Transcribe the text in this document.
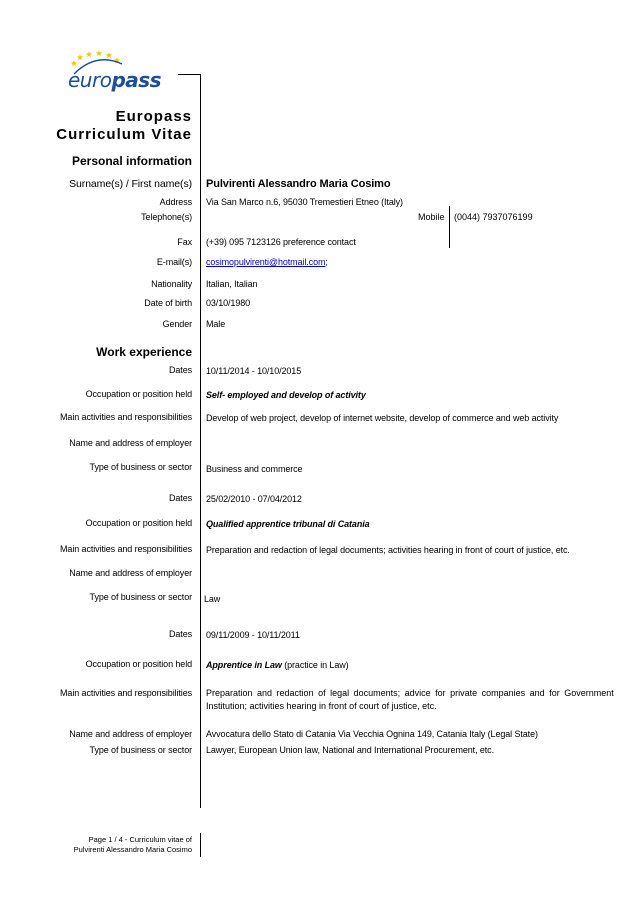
europass
Europass
Curriculum Vitae
Personal information
Surname(s) / First name(s) Pulvirenti Alessandro Maria Cosimo
Address Via San Marco n.6, 95030 Tremestieri Etneo (Italy)
Telephone(s)	Mobile (0044) 7937076199
Fax (+39) 095 7123126 preference contact
E-mail(s) cosimopulvirenti@hotmail.com;
Nationality Italian, Italian
Date of birth 03/10/1980
Gender Male
Work experience
Dates 10/11/2014 - 10/10/2015
Occupation or position held Self- employed and develop of activity
Main activities and responsibilities Develop of web project, develop of internet website, develop of commerce and web activity
Name and address of employer
Type of business or sector Business and commerce
Dates 25/02/2010 - 07/04/2012
Occupation or position held Qualified apprentice tribunal di Catania
Main activities and responsibilities Preparation and redaction of legal documents; activities hearing in front of court of justice, etc.
Name and address of employer
Type of business or sector Law
Dates 09/11/2009 - 10/11/2011
Occupation or position held Apprentice in Law (practice in Law)
Main activities and responsibilities Preparation and redaction of legal documents; advice for private companies and for Government
Institution; activities hearing in front of court of justice, etc.
Name and address of employer Avvocatura dello Stato di Catania Via Vecchia Ognina 149, Catania Italy (Legal State)
Type of business or sector Lawyer, European Union law, National and International Procurement, etc.
Page 1 / 4 - Curriculum vitae of
Pulvirenti Alessandro Maria Cosimo
